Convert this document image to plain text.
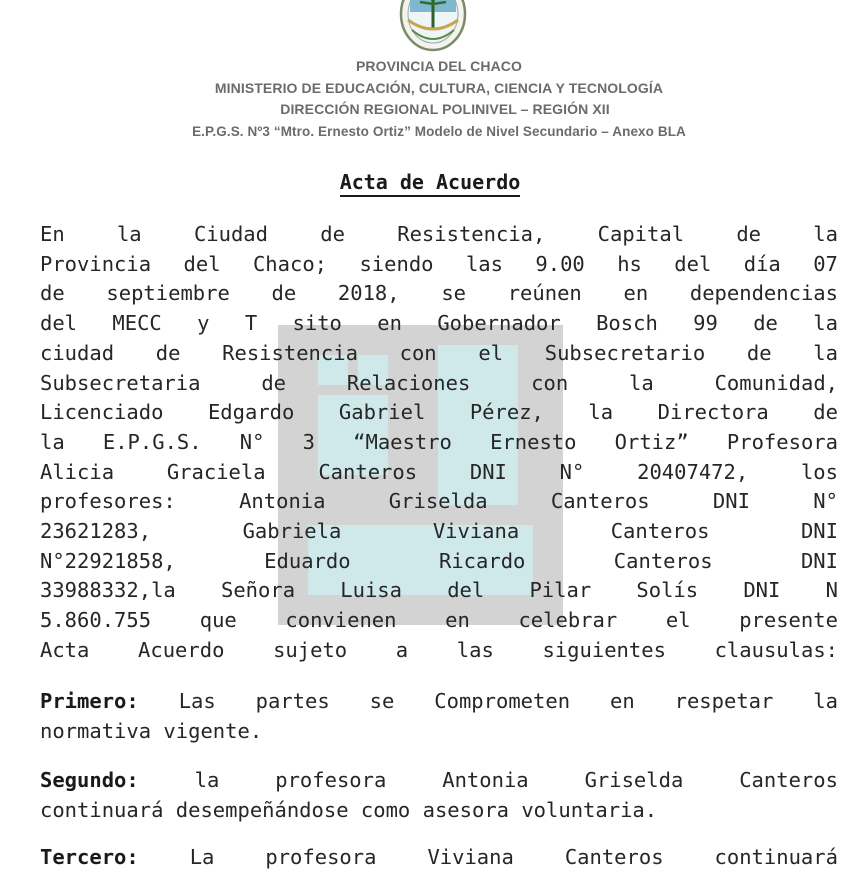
PROVINCIA DEL CHACO
MINISTERIO DE EDUCACIÓN, CULTURA, CIENCIA Y TECNOLOGÍA
DIRECCIÓN REGIONAL POLINIVEL – REGIÓN XII
E.P.G.S. Nº3 “Mtro. Ernesto Ortiz” Modelo de Nivel Secundario – Anexo BLA
Acta de Acuerdo
En	la	Ciudad	de	Resistencia,	Capital	de	la
Provincia del Chaco; siendo las 9.00 hs del día 07
de septiembre de 2018, se reúnen en dependencias
del MECC y T sito en Gobernador Bosch 99 de la
ciudad de Resistencia con el Subsecretario de la
Subsecretaria	de	Relaciones	con	la	Comunidad,
Licenciado Edgardo Gabriel Pérez, la Directora de
la E.P.G.S. N° 3 “Maestro Ernesto Ortiz” Profesora
Alicia	Graciela	Canteros	DNI	N°	20407472,	los
profesores:	Antonia	Griselda	Canteros	DNI	N°
23621283,	Gabriela	Viviana	Canteros	DNI
N°22921858,	Eduardo	Ricardo	Canteros	DNI
33988332,la Señora Luisa del Pilar Solís DNI N
5.860.755 que convienen en celebrar el presente
Acta Acuerdo sujeto a las siguientes clausulas:
Primero: Las partes se Comprometen en respetar la
normativa vigente.
Segundo:	la	profesora	Antonia	Griselda	Canteros
continuará desempeñándose como asesora voluntaria.
Tercero: La profesora Viviana Canteros continuará
